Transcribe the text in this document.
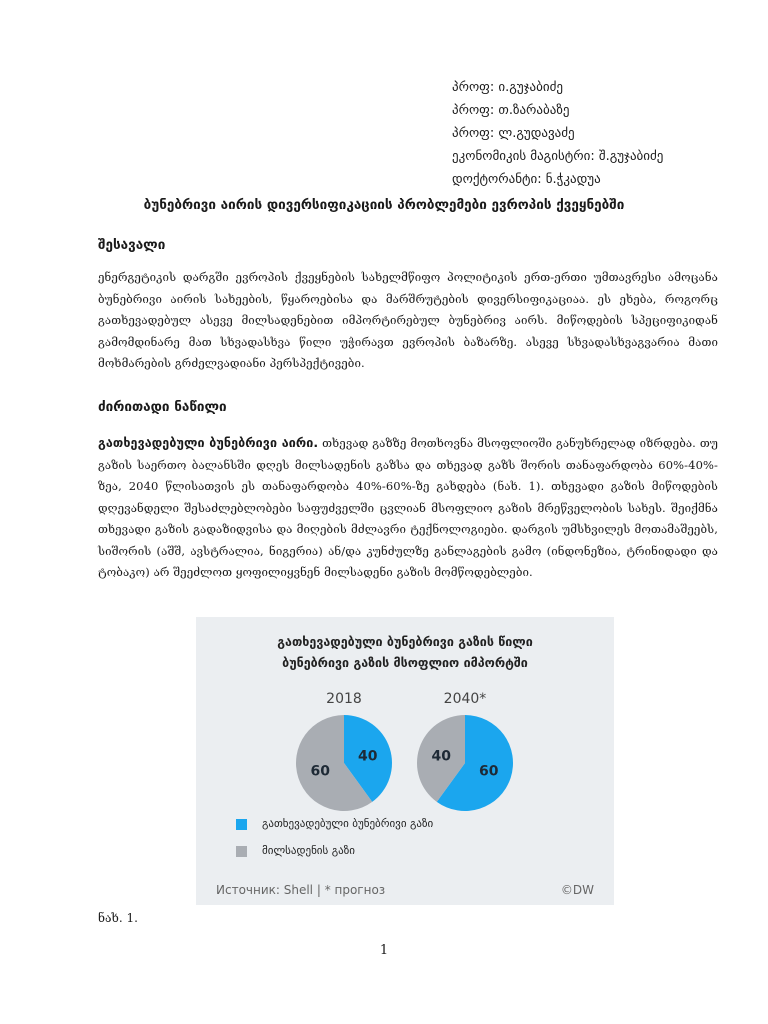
პროფ: ი.გუჯაბიძე
პროფ: თ.ზარაბაზე
პროფ: ლ.გუდავაძე
ეკონომიკის მაგისტრი: შ.გუჯაბიძე
დოქტორანტი: ნ.ჭკადუა
ბუნებრივი აირის დივერსიფიკაციის პრობლემები ევროპის ქვეყნებში
შესავალი
ენერგეტიკის დარგში ევროპის ქვეყნების სახელმწიფო პოლიტიკის ერთ-ერთი უმთავრესი ამოცანა ბუნებრივი აირის სახეების, წყაროებისა და მარშრუტების დივერსიფიკაციაა. ეს ეხება, როგორც გათხევადებულ ასევე მილსადენებით იმპორტირებულ ბუნებრივ აირს. მიწოდების სპეციფიკიდან გამომდინარე მათ სხვადასხვა წილი უჭირავთ ევროპის ბაზარზე. ასევე სხვადასხვაგვარია მათი მოხმარების გრძელვადიანი პერსპექტივები.
ძირითადი ნაწილი
გათხევადებული ბუნებრივი აირი. თხევად გაზზე მოთხოვნა მსოფლიოში განუხრელად იზრდება. თუ გაზის საერთო ბალანსში დღეს მილსადენის გაზსა და თხევად გაზს შორის თანაფარდობა 60%-40%-ზეა, 2040 წლისათვის ეს თანაფარდობა 40%-60%-ზე გახდება (ნახ. 1). თხევადი გაზის მიწოდების დღევანდელი შესაძლებლობები საფუძველში ცვლიან მსოფლიო გაზის მრეწველობის სახეს. შეიქმნა თხევადი გაზის გადაზიდვისა და მიღების მძლავრი ტექნოლოგიები. დარგის უმსხვილეს მოთამაშეებს, სიშორის (აშშ, ავსტრალია, ნიგერია) ან/და კუნძულზე განლაგების გამო (ინდონეზია, ტრინიდადი და ტობაკო) არ შეეძლოთ ყოფილიყვნენ მილსადენი გაზის მომწოდებლები.
გათხევადებული ბუნებრივი გაზის წილი
ბუნებრივი გაზის მსოფლიო იმპორტში
2018	2040*
40
60	60
40
გათხევადებული ბუნებრივი გაზი
მილსადენის გაზი
Источник: Shell | * прогноз	©DW
ნახ. 1.
1
